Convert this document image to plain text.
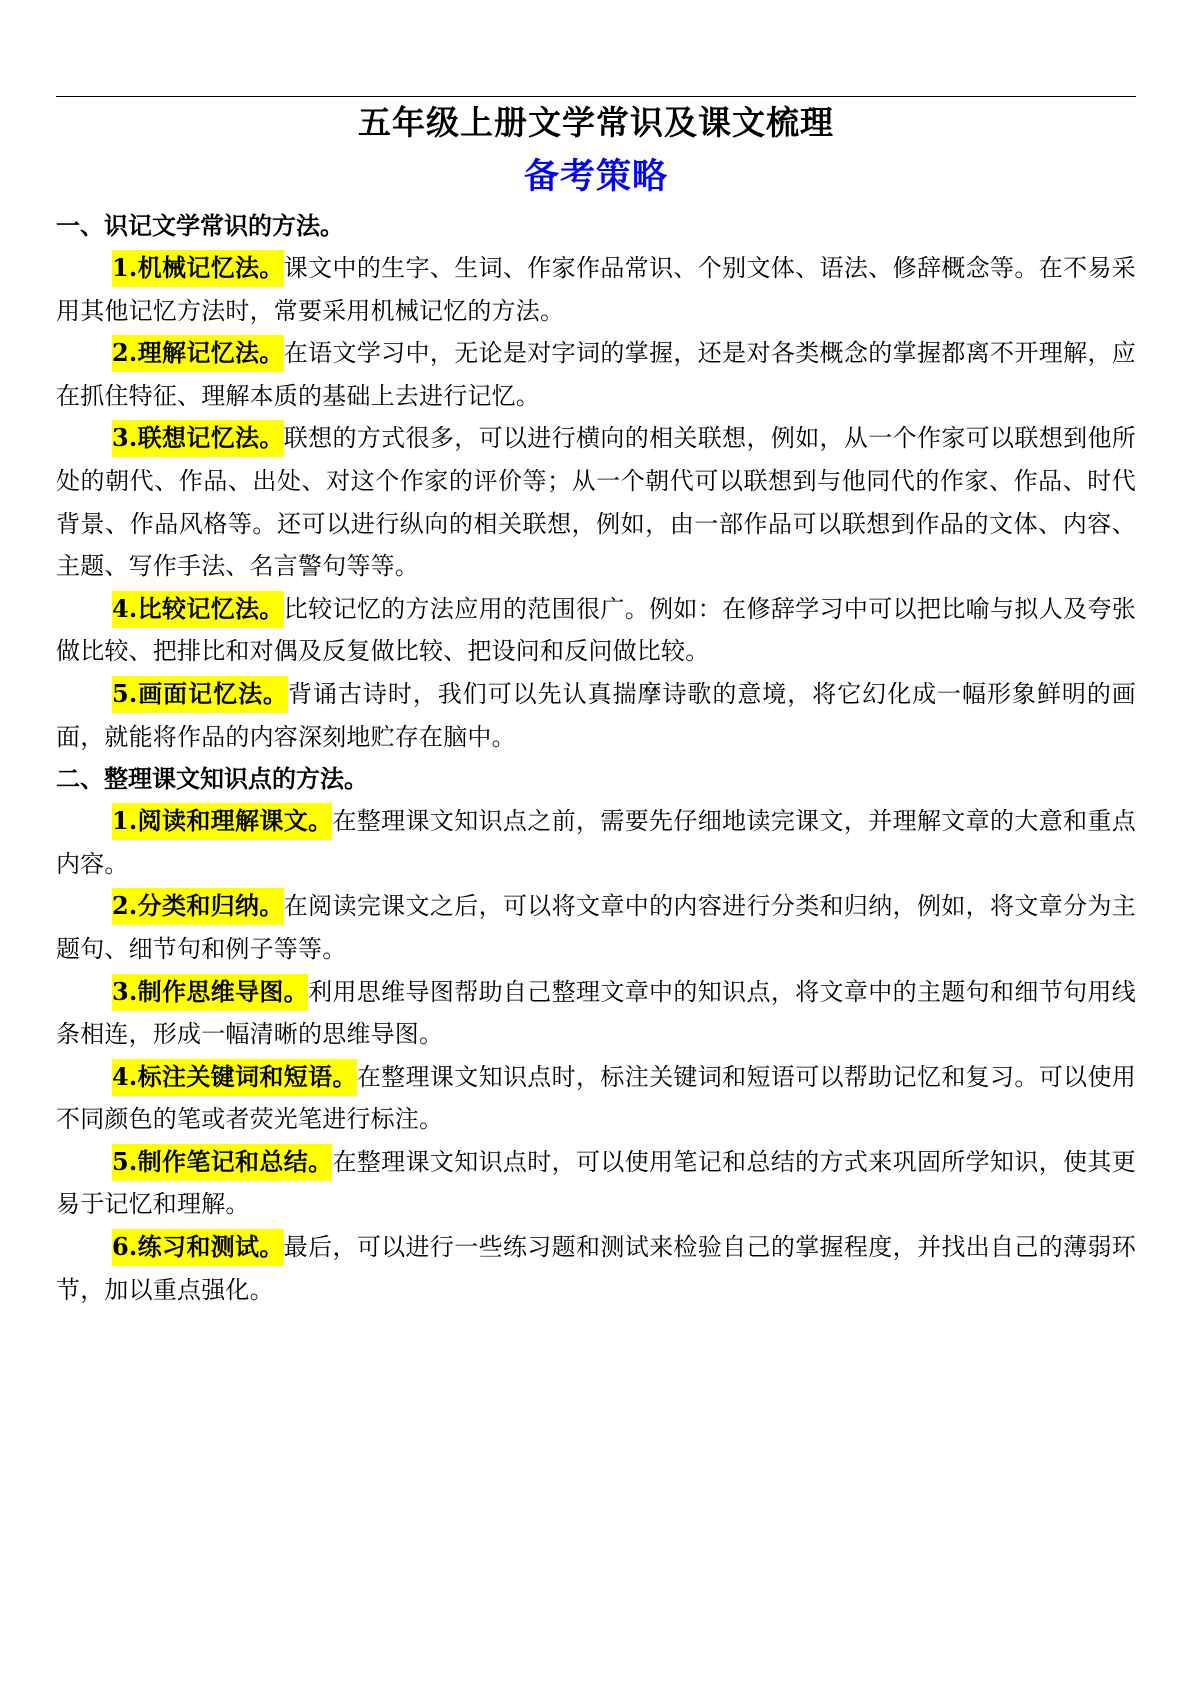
五年级上册文学常识及课文梳理
备考策略

一、识记文学常识的方法。

1.机械记忆法。课文中的生字、生词、作家作品常识、个别文体、语法、修辞概念等。在不易采用其他记忆方法时，常要采用机械记忆的方法。

2.理解记忆法。在语文学习中，无论是对字词的掌握，还是对各类概念的掌握都离不开理解，应在抓住特征、理解本质的基础上去进行记忆。

3.联想记忆法。联想的方式很多，可以进行横向的相关联想，例如，从一个作家可以联想到他所处的朝代、作品、出处、对这个作家的评价等；从一个朝代可以联想到与他同代的作家、作品、时代背景、作品风格等。还可以进行纵向的相关联想，例如，由一部作品可以联想到作品的文体、内容、主题、写作手法、名言警句等等。

4.比较记忆法。比较记忆的方法应用的范围很广。例如：在修辞学习中可以把比喻与拟人及夸张做比较、把排比和对偶及反复做比较、把设问和反问做比较。

5.画面记忆法。背诵古诗时，我们可以先认真揣摩诗歌的意境，将它幻化成一幅形象鲜明的画面，就能将作品的内容深刻地贮存在脑中。

二、整理课文知识点的方法。

1.阅读和理解课文。在整理课文知识点之前，需要先仔细地读完课文，并理解文章的大意和重点内容。

2.分类和归纳。在阅读完课文之后，可以将文章中的内容进行分类和归纳，例如，将文章分为主题句、细节句和例子等等。

3.制作思维导图。利用思维导图帮助自己整理文章中的知识点，将文章中的主题句和细节句用线条相连，形成一幅清晰的思维导图。

4.标注关键词和短语。在整理课文知识点时，标注关键词和短语可以帮助记忆和复习。可以使用不同颜色的笔或者荧光笔进行标注。

5.制作笔记和总结。在整理课文知识点时，可以使用笔记和总结的方式来巩固所学知识，使其更易于记忆和理解。

6.练习和测试。最后，可以进行一些练习题和测试来检验自己的掌握程度，并找出自己的薄弱环节，加以重点强化。
